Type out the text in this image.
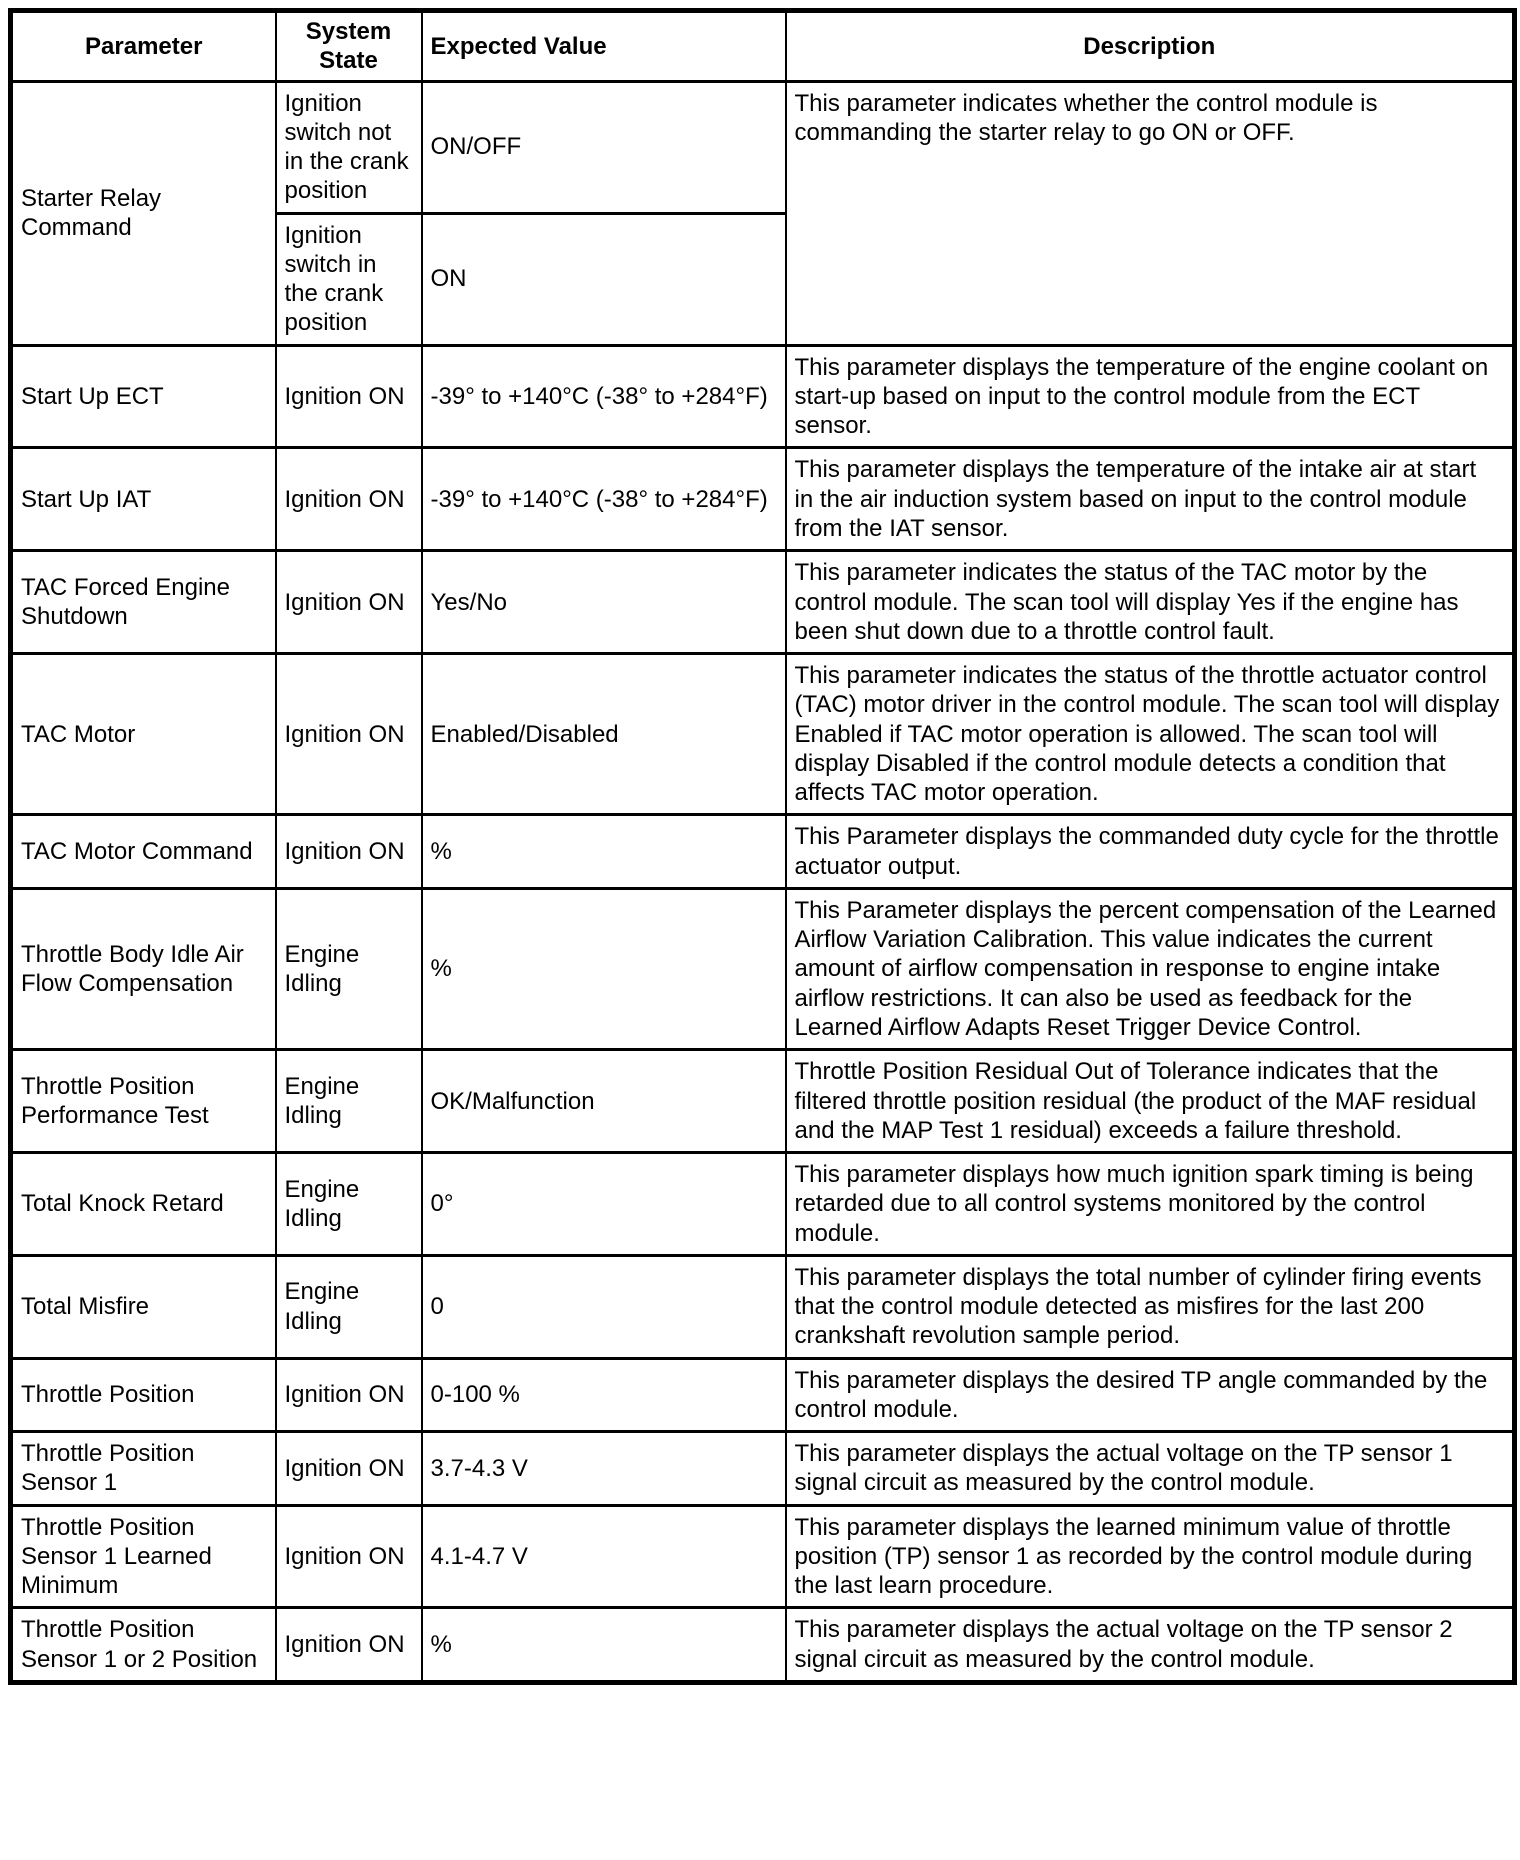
Parameter	System State	Expected Value	Description
Starter Relay Command	Ignition switch not in the crank position	ON/OFF	This parameter indicates whether the control module is commanding the starter relay to go ON or OFF.
	Ignition switch in the crank position	ON	
Start Up ECT	Ignition ON	-39° to +140°C (-38° to +284°F)	This parameter displays the temperature of the engine coolant on start-up based on input to the control module from the ECT sensor.
Start Up IAT	Ignition ON	-39° to +140°C (-38° to +284°F)	This parameter displays the temperature of the intake air at start in the air induction system based on input to the control module from the IAT sensor.
TAC Forced Engine Shutdown	Ignition ON	Yes/No	This parameter indicates the status of the TAC motor by the control module. The scan tool will display Yes if the engine has been shut down due to a throttle control fault.
TAC Motor	Ignition ON	Enabled/Disabled	This parameter indicates the status of the throttle actuator control (TAC) motor driver in the control module. The scan tool will display Enabled if TAC motor operation is allowed. The scan tool will display Disabled if the control module detects a condition that affects TAC motor operation.
TAC Motor Command	Ignition ON	%	This Parameter displays the commanded duty cycle for the throttle actuator output.
Throttle Body Idle Air Flow Compensation	Engine Idling	%	This Parameter displays the percent compensation of the Learned Airflow Variation Calibration. This value indicates the current amount of airflow compensation in response to engine intake airflow restrictions. It can also be used as feedback for the Learned Airflow Adapts Reset Trigger Device Control.
Throttle Position Performance Test	Engine Idling	OK/Malfunction	Throttle Position Residual Out of Tolerance indicates that the filtered throttle position residual (the product of the MAF residual and the MAP Test 1 residual) exceeds a failure threshold.
Total Knock Retard	Engine Idling	0°	This parameter displays how much ignition spark timing is being retarded due to all control systems monitored by the control module.
Total Misfire	Engine Idling	0	This parameter displays the total number of cylinder firing events that the control module detected as misfires for the last 200 crankshaft revolution sample period.
Throttle Position	Ignition ON	0-100 %	This parameter displays the desired TP angle commanded by the control module.
Throttle Position Sensor 1	Ignition ON	3.7-4.3 V	This parameter displays the actual voltage on the TP sensor 1 signal circuit as measured by the control module.
Throttle Position Sensor 1 Learned Minimum	Ignition ON	4.1-4.7 V	This parameter displays the learned minimum value of throttle position (TP) sensor 1 as recorded by the control module during the last learn procedure.
Throttle Position Sensor 1 or 2 Position	Ignition ON	%	This parameter displays the actual voltage on the TP sensor 2 signal circuit as measured by the control module.
